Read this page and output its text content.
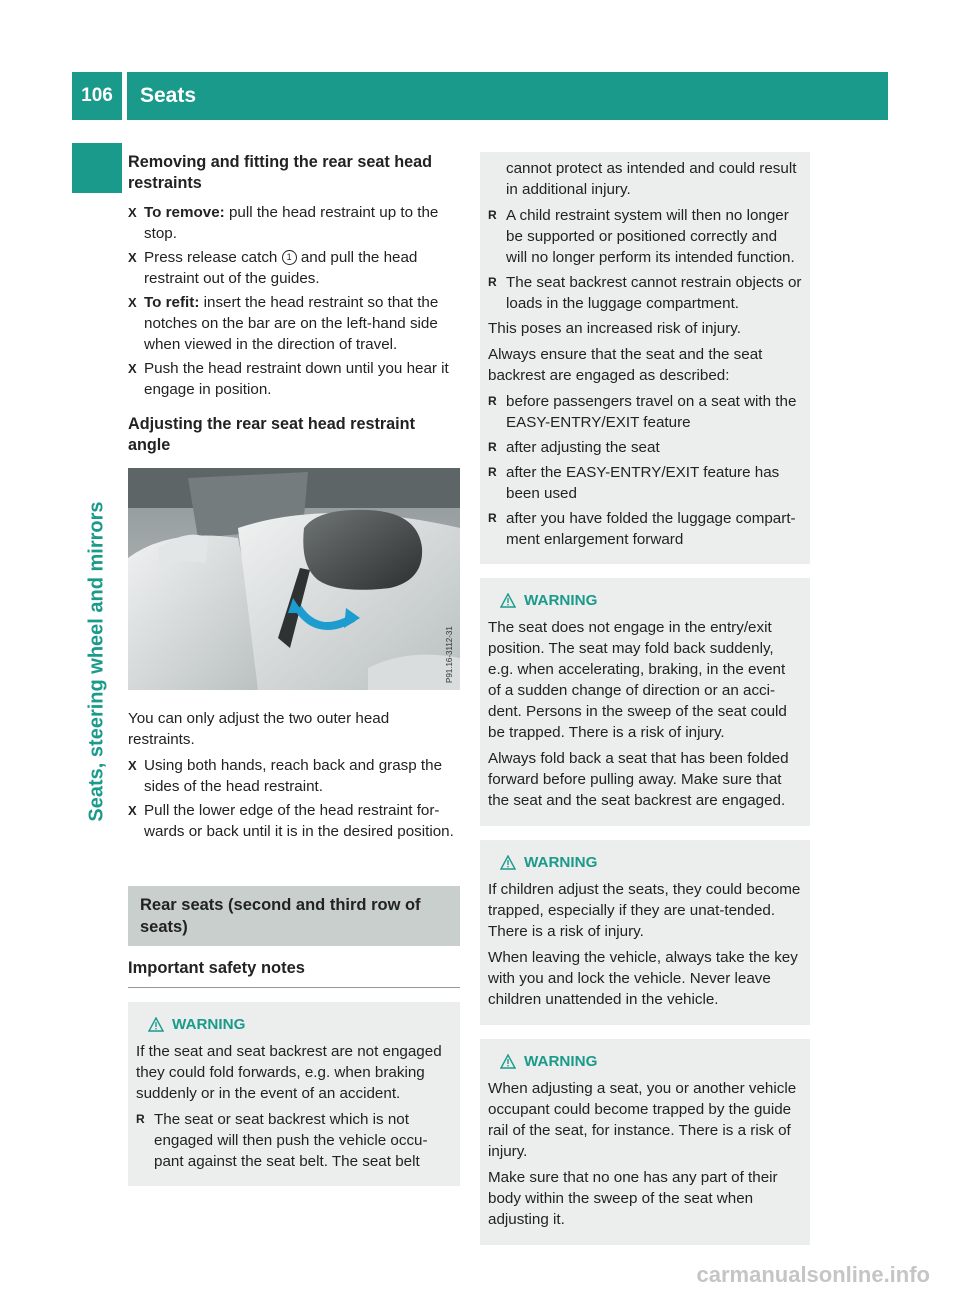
106	Seats
Seats, steering wheel and mirrors
Removing and fitting the rear seat head restraints
X To remove: pull the head restraint up to the stop.
X Press release catch 1 and pull the head restraint out of the guides.
X To refit: insert the head restraint so that the notches on the bar are on the left-hand side when viewed in the direction of travel.
X Push the head restraint down until you hear it engage in position.
Adjusting the rear seat head restraint angle
P91.16-3112-31
You can only adjust the two outer head restraints.
X Using both hands, reach back and grasp the sides of the head restraint.
X Pull the lower edge of the head restraint for-wards or back until it is in the desired position.
Rear seats (second and third row of seats)
Important safety notes
WARNING
If the seat and seat backrest are not engaged they could fold forwards, e.g. when braking suddenly or in the event of an accident.
R The seat or seat backrest which is not engaged will then push the vehicle occu-pant against the seat belt. The seat belt
cannot protect as intended and could result in additional injury.
R A child restraint system will then no longer be supported or positioned correctly and will no longer perform its intended function.
R The seat backrest cannot restrain objects or loads in the luggage compartment.
This poses an increased risk of injury.
Always ensure that the seat and the seat backrest are engaged as described:
R before passengers travel on a seat with the EASY-ENTRY/EXIT feature
R after adjusting the seat
R after the EASY-ENTRY/EXIT feature has been used
R after you have folded the luggage compart-ment enlargement forward
WARNING
The seat does not engage in the entry/exit position. The seat may fold back suddenly, e.g. when accelerating, braking, in the event of a sudden change of direction or an acci-dent. Persons in the sweep of the seat could be trapped. There is a risk of injury.
Always fold back a seat that has been folded forward before pulling away. Make sure that the seat and the seat backrest are engaged.
WARNING
If children adjust the seats, they could become trapped, especially if they are unat-tended. There is a risk of injury.
When leaving the vehicle, always take the key with you and lock the vehicle. Never leave children unattended in the vehicle.
WARNING
When adjusting a seat, you or another vehicle occupant could become trapped by the guide rail of the seat, for instance. There is a risk of injury.
Make sure that no one has any part of their body within the sweep of the seat when adjusting it.
carmanualsonline.info
